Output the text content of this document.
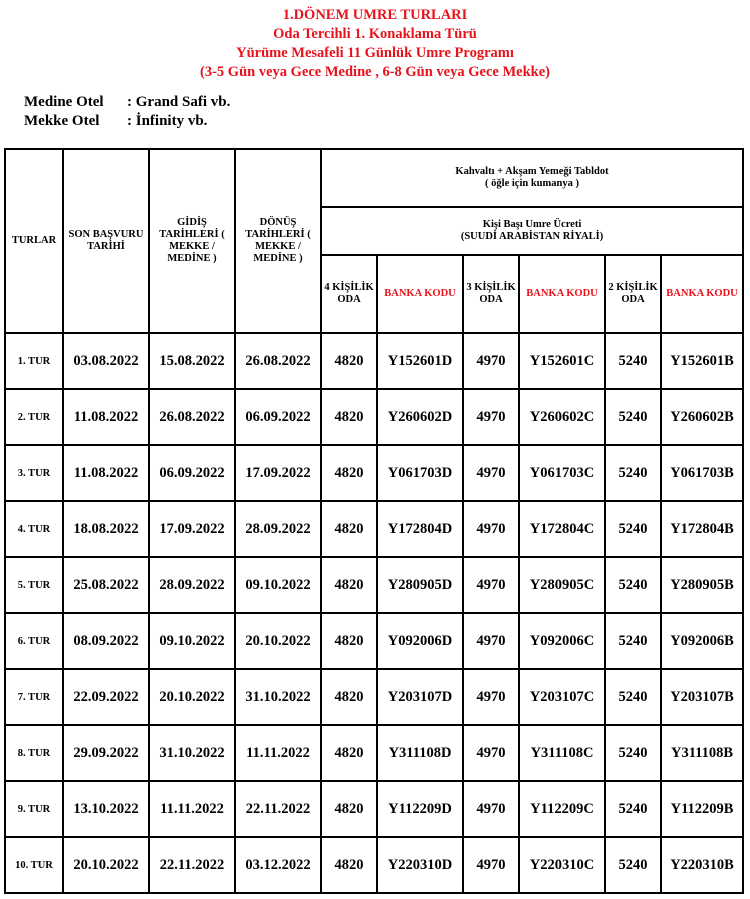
1.DÖNEM UMRE TURLARI
Oda Tercihli 1. Konaklama Türü
Yürüme Mesafeli 11 Günlük Umre Programı
(3-5 Gün veya Gece Medine , 6-8 Gün veya Gece Mekke)
Medine Otel	: Grand Safi vb.
Mekke Otel	: İnfinity vb.
TURLAR	SON BAŞVURU TARİHİ	GİDİŞ TARİHLERİ ( MEKKE / MEDİNE )	DÖNÜŞ TARİHLERİ ( MEKKE / MEDİNE )	Kahvaltı + Akşam Yemeği Tabldot
( öğle için kumanya )					

				Kişi Başı Umre Ücreti
(SUUDİ ARABİSTAN RİYALİ)					

				4 KİŞİLİK ODA	BANKA KODU	3 KİŞİLİK ODA	BANKA KODU	2 KİŞİLİK ODA	BANKA KODU
1. TUR	03.08.2022	15.08.2022	26.08.2022	4820	Y152601D	4970	Y152601C	5240	Y152601B
2. TUR	11.08.2022	26.08.2022	06.09.2022	4820	Y260602D	4970	Y260602C	5240	Y260602B
3. TUR	11.08.2022	06.09.2022	17.09.2022	4820	Y061703D	4970	Y061703C	5240	Y061703B
4. TUR	18.08.2022	17.09.2022	28.09.2022	4820	Y172804D	4970	Y172804C	5240	Y172804B
5. TUR	25.08.2022	28.09.2022	09.10.2022	4820	Y280905D	4970	Y280905C	5240	Y280905B
6. TUR	08.09.2022	09.10.2022	20.10.2022	4820	Y092006D	4970	Y092006C	5240	Y092006B
7. TUR	22.09.2022	20.10.2022	31.10.2022	4820	Y203107D	4970	Y203107C	5240	Y203107B
8. TUR	29.09.2022	31.10.2022	11.11.2022	4820	Y311108D	4970	Y311108C	5240	Y311108B
9. TUR	13.10.2022	11.11.2022	22.11.2022	4820	Y112209D	4970	Y112209C	5240	Y112209B
10. TUR	20.10.2022	22.11.2022	03.12.2022	4820	Y220310D	4970	Y220310C	5240	Y220310B
